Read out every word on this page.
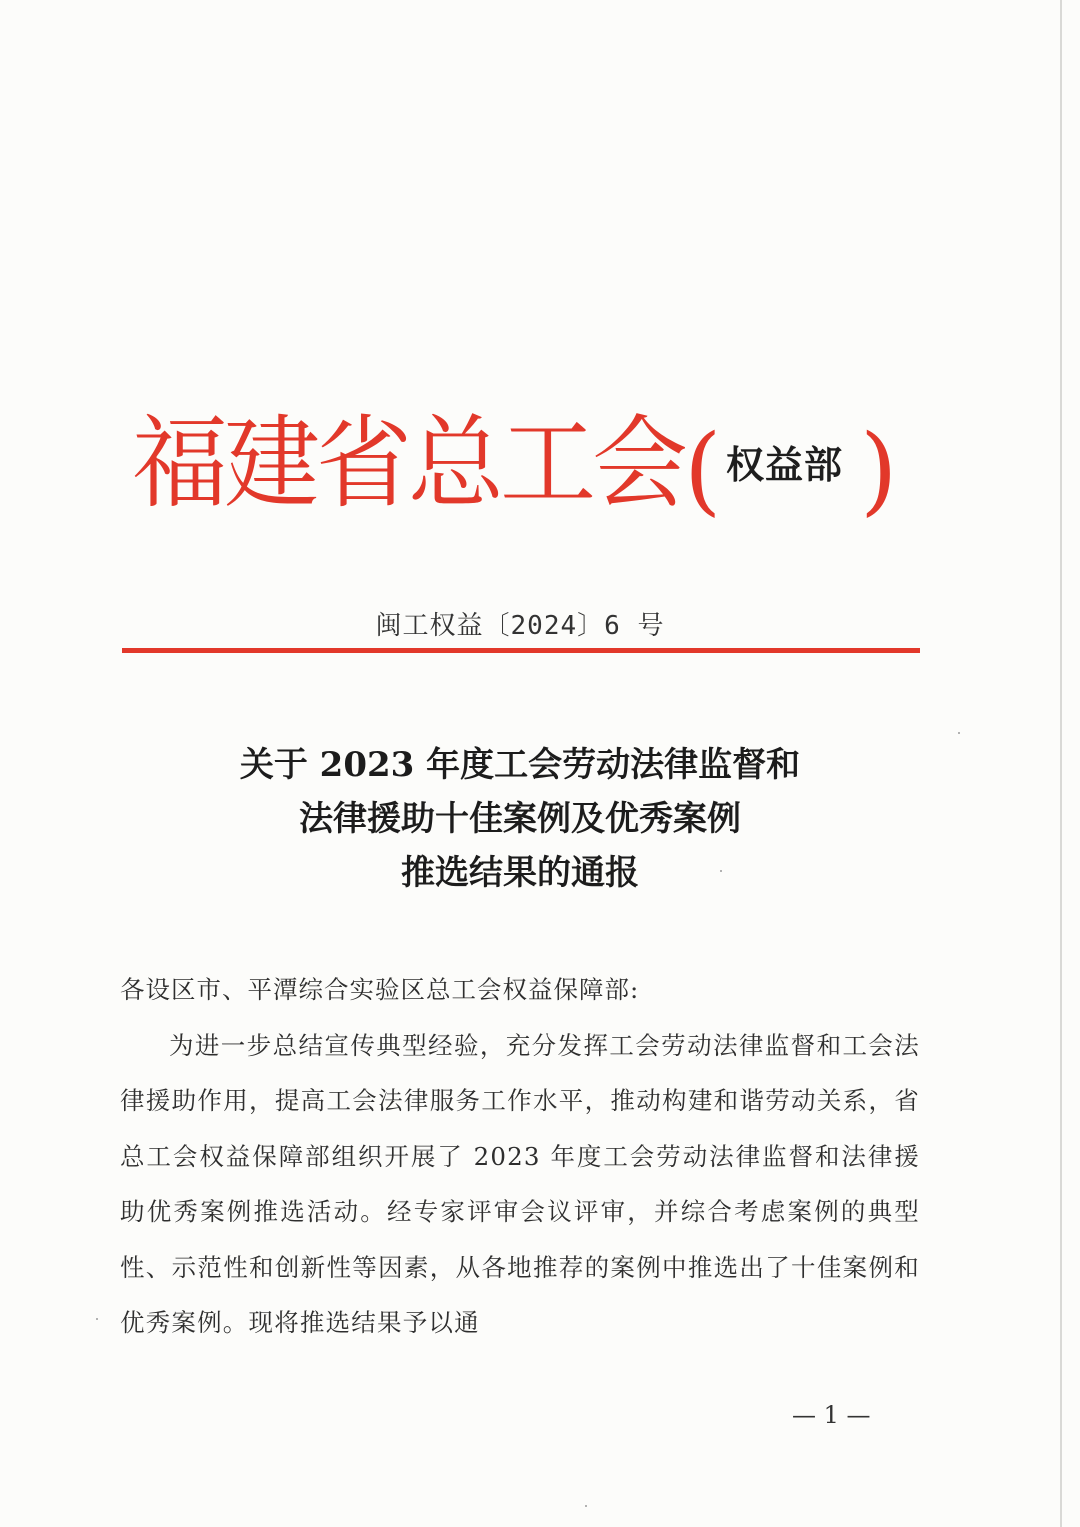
福建省总工会 ( 权益部 )
闽工权益〔2024〕6 号
关于 2023 年度工会劳动法律监督和
法律援助十佳案例及优秀案例
推选结果的通报
各设区市、平潭综合实验区总工会权益保障部:
为进一步总结宣传典型经验，充分发挥工会劳动法律监督和工会法律援助作用，提高工会法律服务工作水平，推动构建和谐劳动关系，省总工会权益保障部组织开展了 2023 年度工会劳动法律监督和法律援助优秀案例推选活动。经专家评审会议评审，并综合考虑案例的典型性、示范性和创新性等因素，从各地推荐的案例中推选出了十佳案例和优秀案例。现将推选结果予以通
— 1 —
